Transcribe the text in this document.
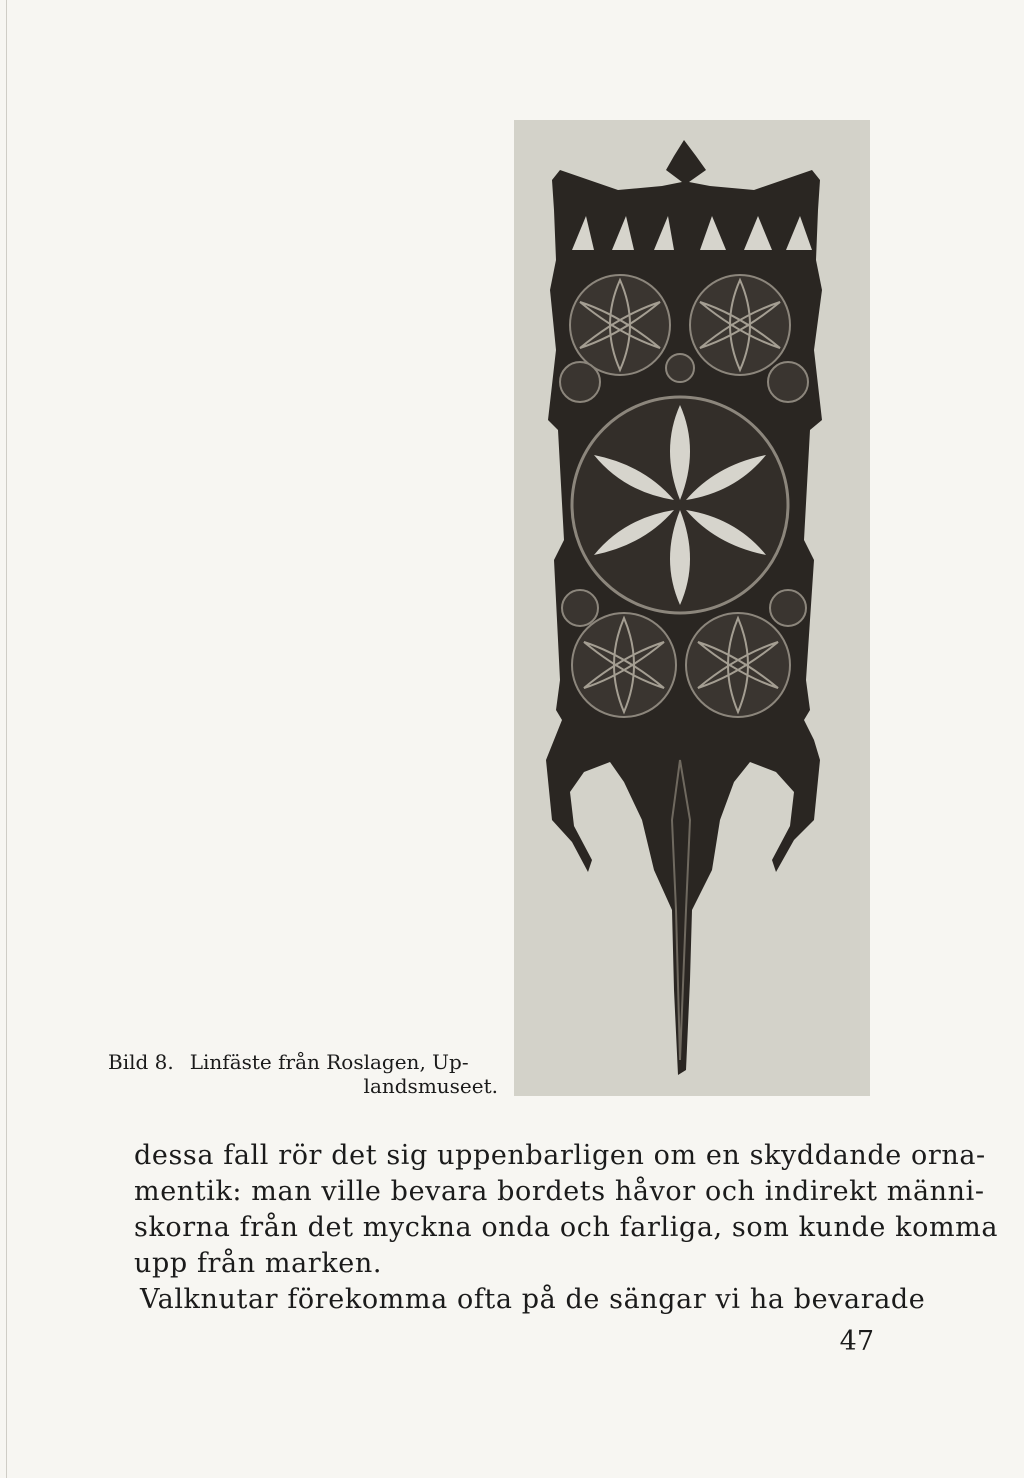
Bild 8. Linfäste från Roslagen, Up-
landsmuseet.
dessa fall rör det sig uppenbarligen om en skyddande orna-
mentik: man ville bevara bordets håvor och indirekt männi-
skorna från det myckna onda och farliga, som kunde komma
upp från marken.
Valknutar förekomma ofta på de sängar vi ha bevarade
47
